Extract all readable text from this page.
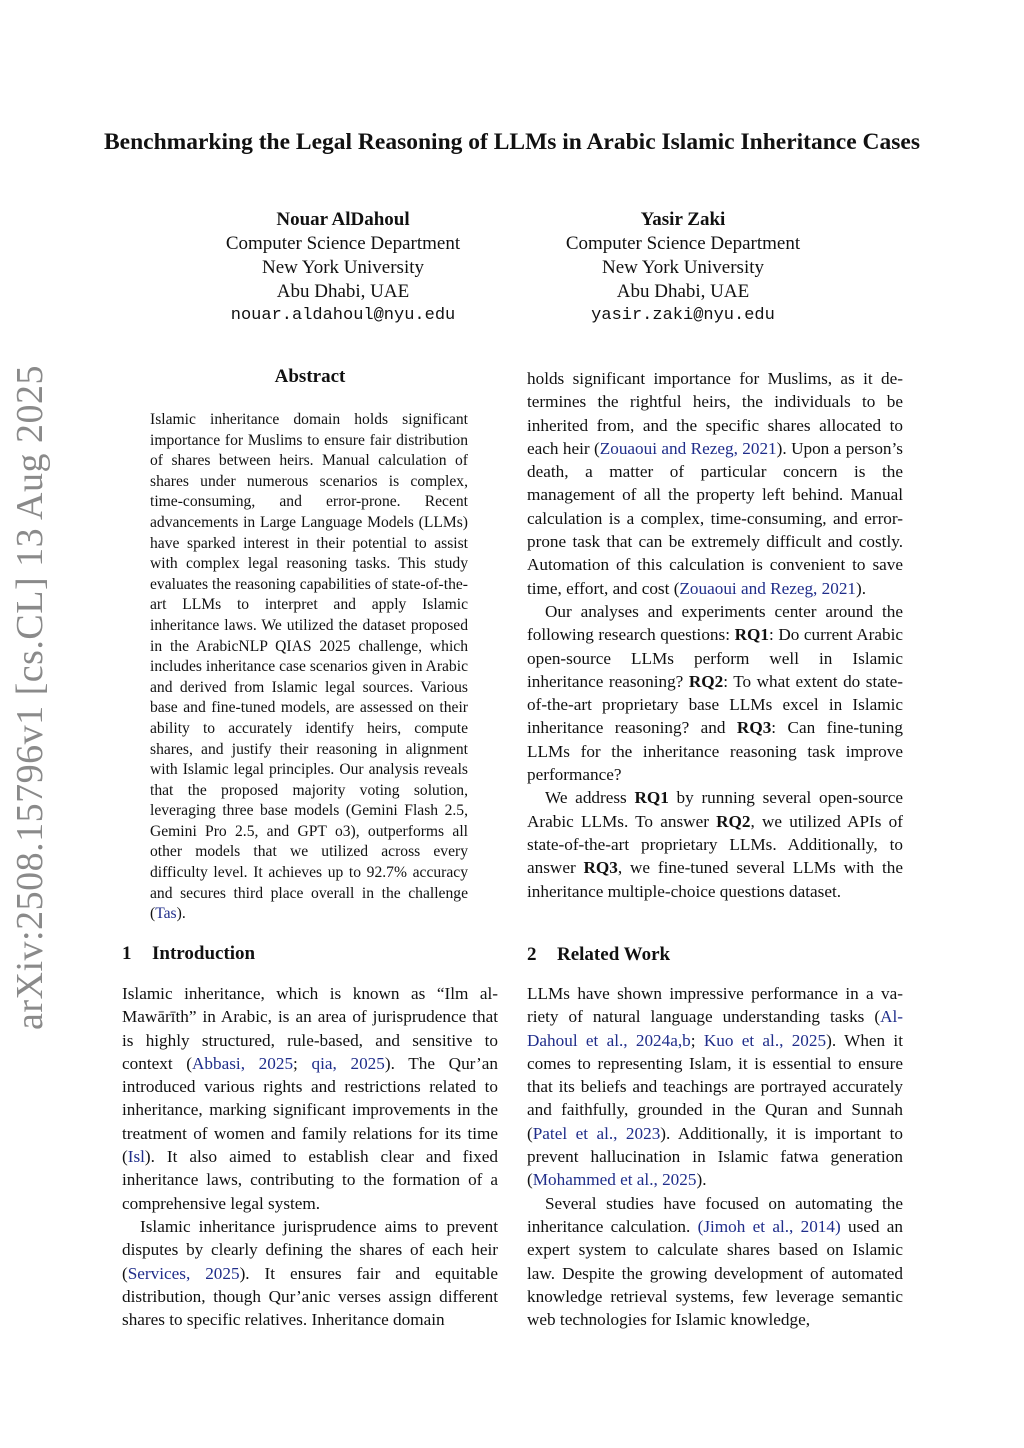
arXiv:2508.15796v1 [cs.CL] 13 Aug 2025
Benchmarking the Legal Reasoning of LLMs in Arabic Islamic Inheritance Cases
Nouar AlDahoul
Computer Science Department
New York University
Abu Dhabi, UAE
nouar.aldahoul@nyu.edu
Yasir Zaki
Computer Science Department
New York University
Abu Dhabi, UAE
yasir.zaki@nyu.edu
Abstract

Islamic inheritance domain holds significant importance for Muslims to ensure fair distribution of shares between heirs. Manual calculation of shares under numerous scenarios is complex, time-consuming, and error-prone. Recent advancements in Large Language Models (LLMs) have sparked interest in their potential to assist with complex legal reasoning tasks. This study evaluates the reasoning capabilities of state-of-the-art LLMs to interpret and apply Islamic inheritance laws. We utilized the dataset proposed in the ArabicNLP QIAS 2025 challenge, which includes inheritance case scenarios given in Arabic and derived from Islamic legal sources. Various base and fine-tuned models, are assessed on their ability to accurately identify heirs, compute shares, and justify their reasoning in alignment with Islamic legal principles. Our analysis reveals that the proposed majority voting solution, leveraging three base models (Gemini Flash 2.5, Gemini Pro 2.5, and GPT o3), outperforms all other models that we utilized across every difficulty level. It achieves up to 92.7% accuracy and secures third place overall in the challenge (Tas).

1 Introduction

Islamic inheritance, which is known as “Ilm al-Mawārīth” in Arabic, is an area of jurisprudence that is highly structured, rule-based, and sensitive to context (Abbasi, 2025; qia, 2025). The Qur’an introduced various rights and restrictions related to inheritance, marking significant improvements in the treatment of women and family relations for its time (Isl). It also aimed to establish clear and fixed inheritance laws, contributing to the formation of a comprehensive legal system.

Islamic inheritance jurisprudence aims to prevent disputes by clearly defining the shares of each heir (Services, 2025). It ensures fair and equitable distribution, though Qur’anic verses assign different shares to specific relatives. Inheritance domain

holds significant importance for Muslims, as it determines the rightful heirs, the individuals to be inherited from, and the specific shares allocated to each heir (Zouaoui and Rezeg, 2021). Upon a person’s death, a matter of particular concern is the management of all the property left behind. Manual calculation is a complex, time-consuming, and error-prone task that can be extremely difficult and costly. Automation of this calculation is convenient to save time, effort, and cost (Zouaoui and Rezeg, 2021).

Our analyses and experiments center around the following research questions: RQ1: Do current Arabic open-source LLMs perform well in Islamic inheritance reasoning? RQ2: To what extent do state-of-the-art proprietary base LLMs excel in Islamic inheritance reasoning? and RQ3: Can fine-tuning LLMs for the inheritance reasoning task improve performance?

We address RQ1 by running several open-source Arabic LLMs. To answer RQ2, we utilized APIs of state-of-the-art proprietary LLMs. Additionally, to answer RQ3, we fine-tuned several LLMs with the inheritance multiple-choice questions dataset.

2 Related Work

LLMs have shown impressive performance in a variety of natural language understanding tasks (AlDahoul et al., 2024a,b; Kuo et al., 2025). When it comes to representing Islam, it is essential to ensure that its beliefs and teachings are portrayed accurately and faithfully, grounded in the Quran and Sunnah (Patel et al., 2023). Additionally, it is important to prevent hallucination in Islamic fatwa generation (Mohammed et al., 2025).

Several studies have focused on automating the inheritance calculation. (Jimoh et al., 2014) used an expert system to calculate shares based on Islamic law. Despite the growing development of automated knowledge retrieval systems, few leverage semantic web technologies for Islamic knowledge,
